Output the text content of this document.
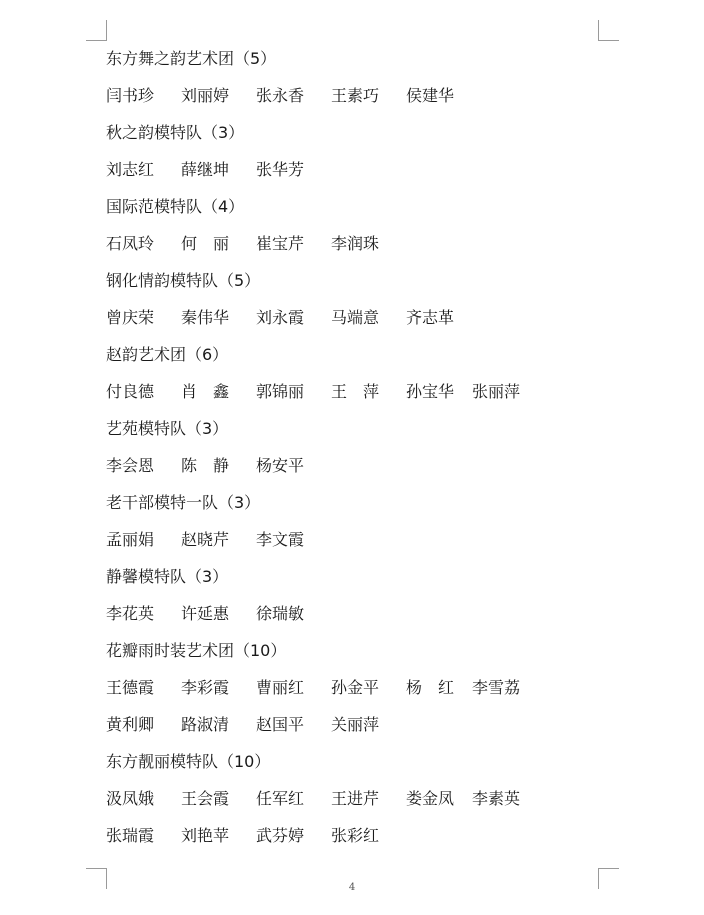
东方舞之韵艺术团（5）
闫书珍 刘丽婷 张永香 王素巧 侯建华
秋之韵模特队（3）
刘志红 薛继坤 张华芳
国际范模特队（4）
石凤玲 何　丽 崔宝芹 李润珠
钢化情韵模特队（5）
曾庆荣 秦伟华 刘永霞 马端意 齐志革
赵韵艺术团（6）
付良德 肖　鑫 郭锦丽 王　萍 孙宝华 张丽萍
艺苑模特队（3）
李会恩 陈　静 杨安平
老干部模特一队（3）
孟丽娟 赵晓芹 李文霞
静馨模特队（3）
李花英 许延惠 徐瑞敏
花瓣雨时装艺术团（10）
王德霞 李彩霞 曹丽红 孙金平 杨　红 李雪荔
黄利卿 路淑清 赵国平 关丽萍
东方靓丽模特队（10）
汲凤娥 王会霞 任军红 王进芹 娄金凤 李素英
张瑞霞 刘艳苹 武芬婷 张彩红
4
